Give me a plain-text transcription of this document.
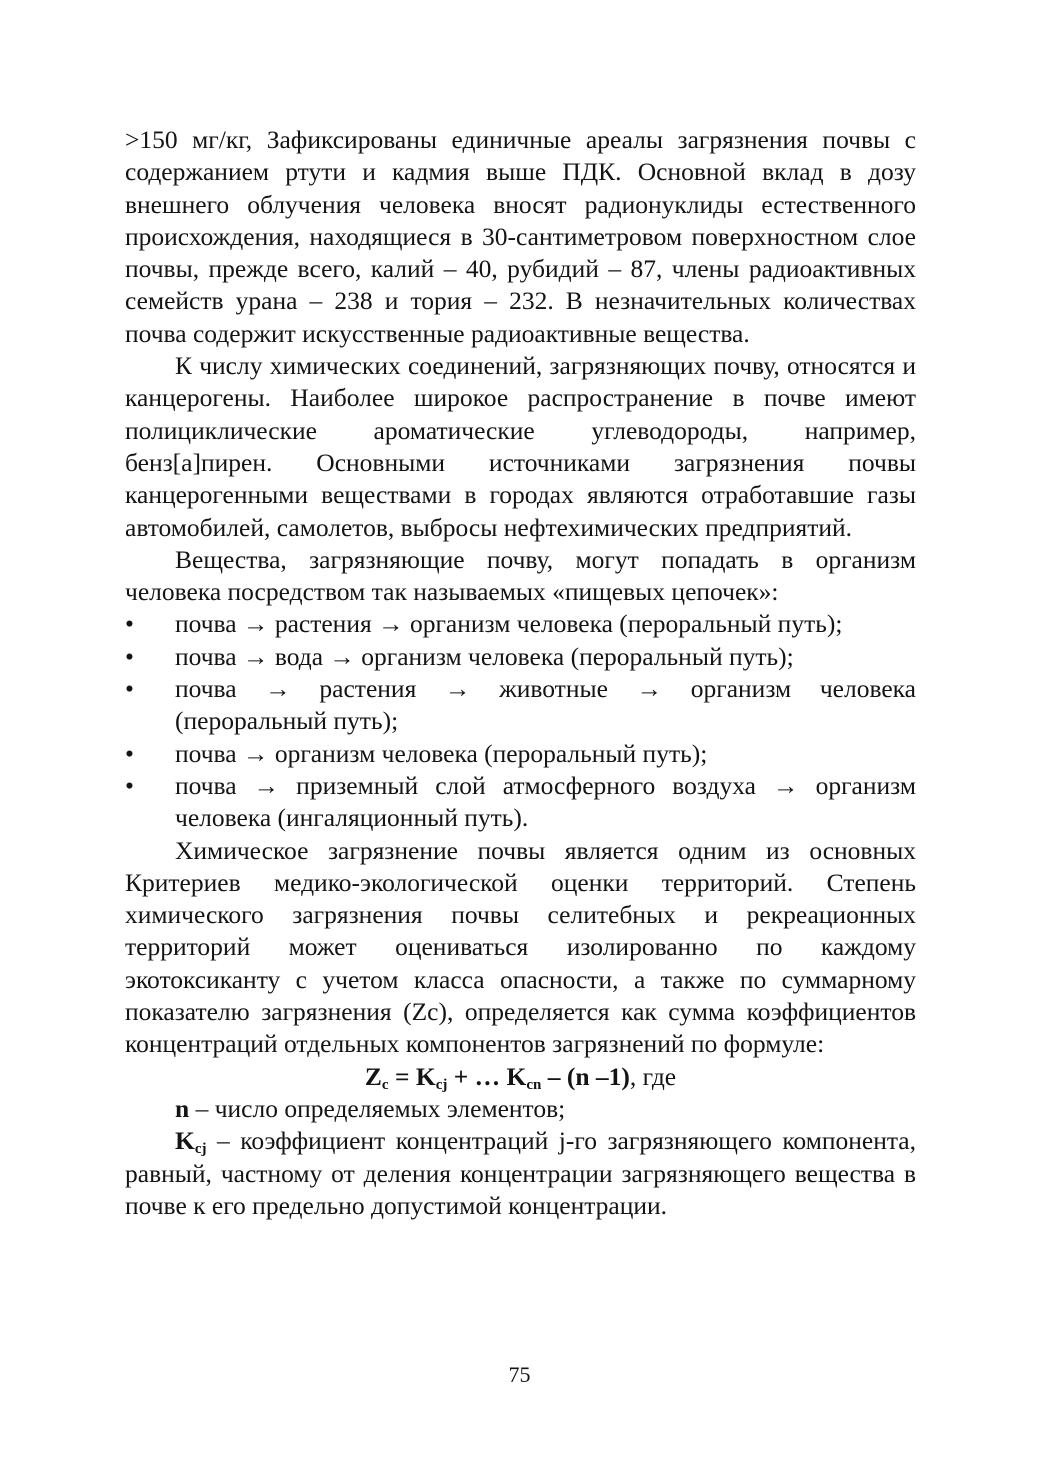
>150 мг/кг, Зафиксированы единичные ареалы загрязнения почвы с содержанием ртути и кадмия выше ПДК. Основной вклад в дозу внешнего облучения человека вносят радионуклиды естественного происхождения, находящиеся в 30-сантиметровом поверхностном слое почвы, прежде всего, калий – 40, рубидий – 87, члены радиоактивных семейств урана – 238 и тория – 232. В незначительных количествах почва содержит искусственные радиоактивные вещества.

К числу химических соединений, загрязняющих почву, относятся и канцерогены. Наиболее широкое распространение в почве имеют полициклические ароматические углеводороды, например, бенз[а]пирен. Основными источниками загрязнения почвы канцерогенными веществами в городах являются отработавшие газы автомобилей, самолетов, выбросы нефтехимических предприятий.

Вещества, загрязняющие почву, могут попадать в организм человека посредством так называемых «пищевых цепочек»:

• почва → растения → организм человека (пероральный путь);
• почва → вода → организм человека (пероральный путь);
• почва → растения → животные → организм человека (пероральный путь);
• почва → организм человека (пероральный путь);
• почва → приземный слой атмосферного воздуха → организм человека (ингаляционный путь).

Химическое загрязнение почвы является одним из основных Критериев медико-экологической оценки территорий. Степень химического загрязнения почвы селитебных и рекреационных территорий может оцениваться изолированно по каждому экотоксиканту с учетом класса опасности, а также по суммарному показателю загрязнения (Zc), определяется как сумма коэффициентов концентраций отдельных компонентов загрязнений по формуле:

$Z_c = K_{cj}$ + … $K_{cn} - (n$ –1), где

n – число определяемых элементов;

$K_{cj}$ – коэффициент концентраций j-го загрязняющего компонента, равный, частному от деления концентрации загрязняющего вещества в почве к его предельно допустимой концентрации.

75
